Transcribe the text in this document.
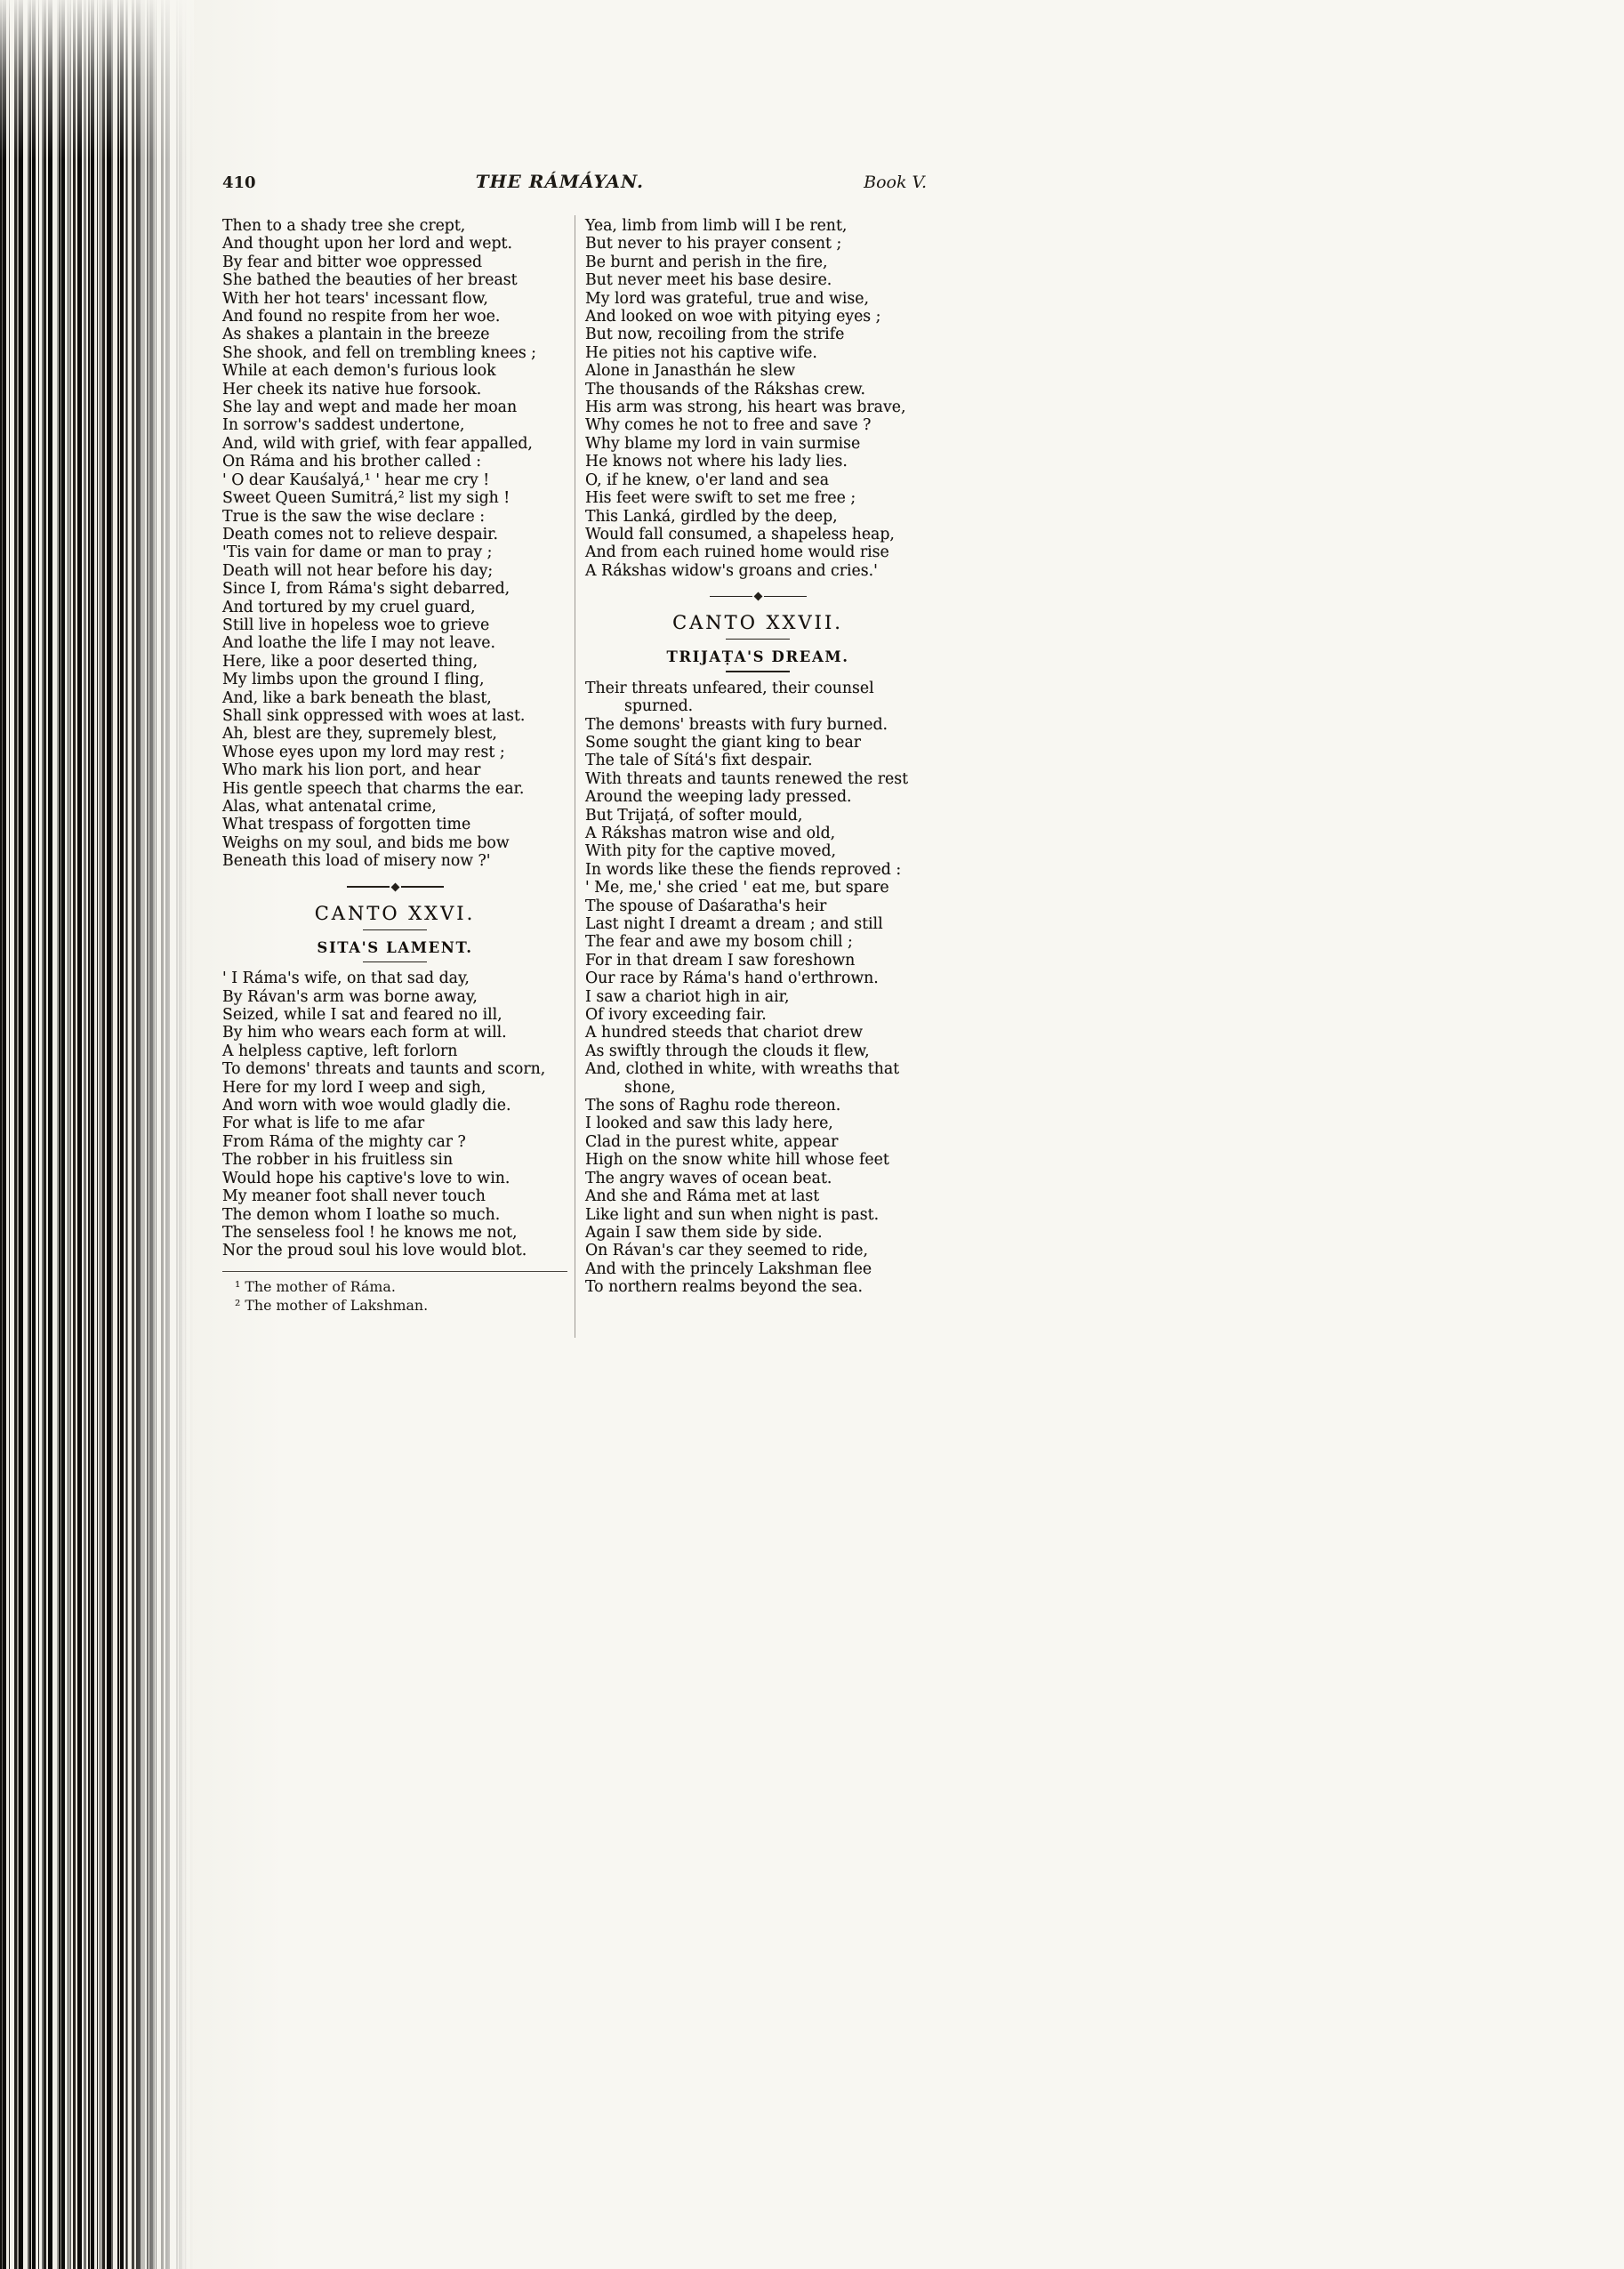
410	THE RÁMÁYAN.	Book V.
Then to a shady tree she crept,
And thought upon her lord and wept.
By fear and bitter woe oppressed
She bathed the beauties of her breast
With her hot tears' incessant flow,
And found no respite from her woe.
As shakes a plantain in the breeze
She shook, and fell on trembling knees ;
While at each demon's furious look
Her cheek its native hue forsook.
She lay and wept and made her moan
In sorrow's saddest undertone,
And, wild with grief, with fear appalled,
On Ráma and his brother called :
' O dear Kauśalyá,¹ ' hear me cry !
Sweet Queen Sumitrá,² list my sigh !
True is the saw the wise declare :
Death comes not to relieve despair.
'Tis vain for dame or man to pray ;
Death will not hear before his day;
Since I, from Ráma's sight debarred,
And tortured by my cruel guard,
Still live in hopeless woe to grieve
And loathe the life I may not leave.
Here, like a poor deserted thing,
My limbs upon the ground I fling,
And, like a bark beneath the blast,
Shall sink oppressed with woes at last.
Ah, blest are they, supremely blest,
Whose eyes upon my lord may rest ;
Who mark his lion port, and hear
His gentle speech that charms the ear.
Alas, what antenatal crime,
What trespass of forgotten time
Weighs on my soul, and bids me bow
Beneath this load of misery now ?'
CANTO XXVI.
SITA'S LAMENT.
' I Ráma's wife, on that sad day,
By Rávan's arm was borne away,
Seized, while I sat and feared no ill,
By him who wears each form at will.
A helpless captive, left forlorn
To demons' threats and taunts and scorn,
Here for my lord I weep and sigh,
And worn with woe would gladly die.
For what is life to me afar
From Ráma of the mighty car ?
The robber in his fruitless sin
Would hope his captive's love to win.
My meaner foot shall never touch
The demon whom I loathe so much.
The senseless fool ! he knows me not,
Nor the proud soul his love would blot.
¹ The mother of Ráma.
² The mother of Lakshman.
Yea, limb from limb will I be rent,
But never to his prayer consent ;
Be burnt and perish in the fire,
But never meet his base desire.
My lord was grateful, true and wise,
And looked on woe with pitying eyes ;
But now, recoiling from the strife
He pities not his captive wife.
Alone in Janasthán he slew
The thousands of the Rákshas crew.
His arm was strong, his heart was brave,
Why comes he not to free and save ?
Why blame my lord in vain surmise
He knows not where his lady lies.
O, if he knew, o'er land and sea
His feet were swift to set me free ;
This Lanká, girdled by the deep,
Would fall consumed, a shapeless heap,
And from each ruined home would rise
A Rákshas widow's groans and cries.'
CANTO XXVII.
TRIJAṬA'S DREAM.
Their threats unfeared, their counsel
spurned.
The demons' breasts with fury burned.
Some sought the giant king to bear
The tale of Sítá's fixt despair.
With threats and taunts renewed the rest
Around the weeping lady pressed.
But Trijaṭá, of softer mould,
A Rákshas matron wise and old,
With pity for the captive moved,
In words like these the fiends reproved :
' Me, me,' she cried ' eat me, but spare
The spouse of Daśaratha's heir
Last night I dreamt a dream ; and still
The fear and awe my bosom chill ;
For in that dream I saw foreshown
Our race by Ráma's hand o'erthrown.
I saw a chariot high in air,
Of ivory exceeding fair.
A hundred steeds that chariot drew
As swiftly through the clouds it flew,
And, clothed in white, with wreaths that
shone,
The sons of Raghu rode thereon.
I looked and saw this lady here,
Clad in the purest white, appear
High on the snow white hill whose feet
The angry waves of ocean beat.
And she and Ráma met at last
Like light and sun when night is past.
Again I saw them side by side.
On Rávan's car they seemed to ride,
And with the princely Lakshman flee
To northern realms beyond the sea.
